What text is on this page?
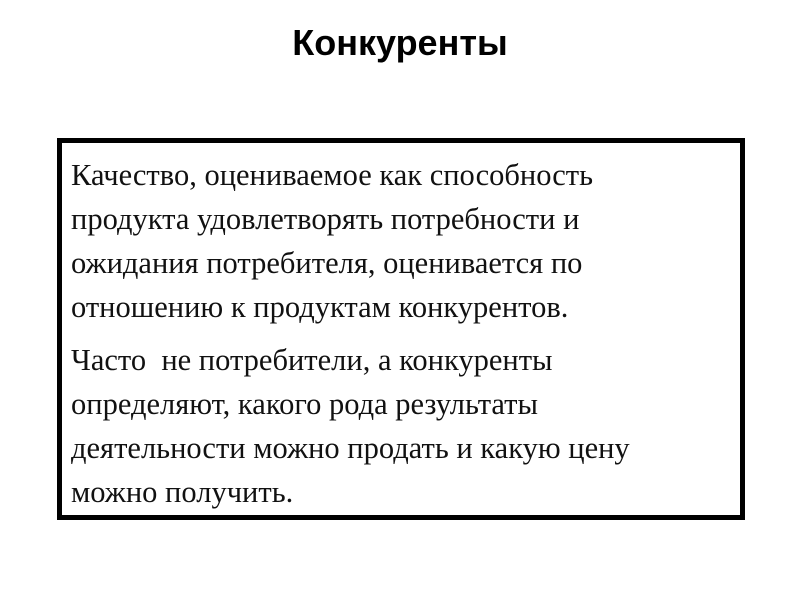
Конкуренты

Качество, оцениваемое как способность
продукта удовлетворять потребности и
ожидания потребителя, оценивается по
отношению к продуктам конкурентов.

Часто  не потребители, а конкуренты
определяют, какого рода результаты
деятельности можно продать и какую цену
можно получить.
